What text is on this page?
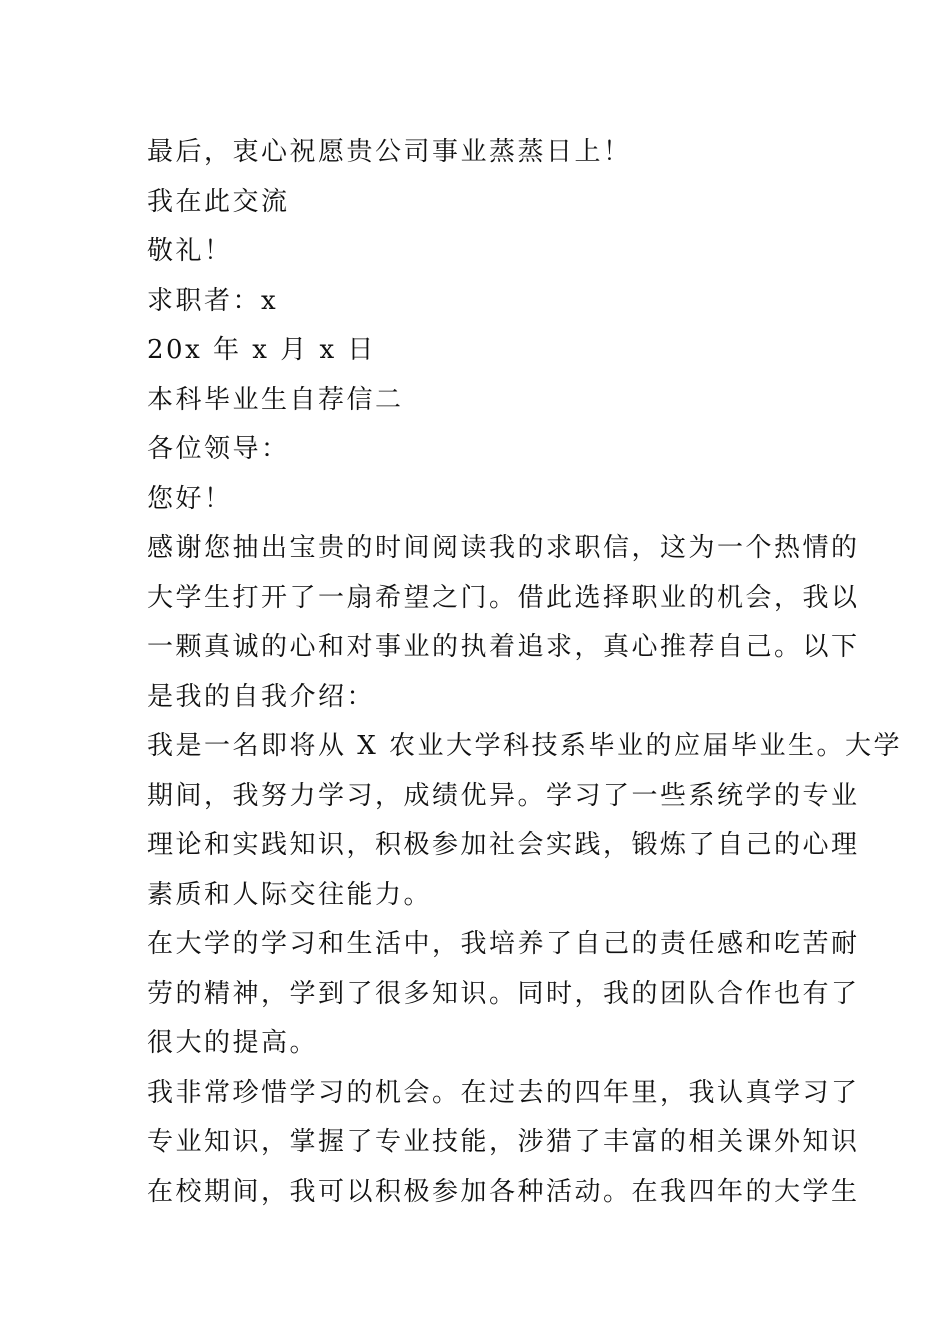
最后，衷心祝愿贵公司事业蒸蒸日上！
我在此交流
敬礼！
求职者：x
20x 年 x 月 x 日
本科毕业生自荐信二
各位领导：
您好！
感谢您抽出宝贵的时间阅读我的求职信，这为一个热情的
大学生打开了一扇希望之门。借此选择职业的机会，我以
一颗真诚的心和对事业的执着追求，真心推荐自己。以下
是我的自我介绍：
我是一名即将从 X 农业大学科技系毕业的应届毕业生。大学
期间，我努力学习，成绩优异。学习了一些系统学的专业
理论和实践知识，积极参加社会实践，锻炼了自己的心理
素质和人际交往能力。
在大学的学习和生活中，我培养了自己的责任感和吃苦耐
劳的精神，学到了很多知识。同时，我的团队合作也有了
很大的提高。
我非常珍惜学习的机会。在过去的四年里，我认真学习了
专业知识，掌握了专业技能，涉猎了丰富的相关课外知识
在校期间，我可以积极参加各种活动。在我四年的大学生
